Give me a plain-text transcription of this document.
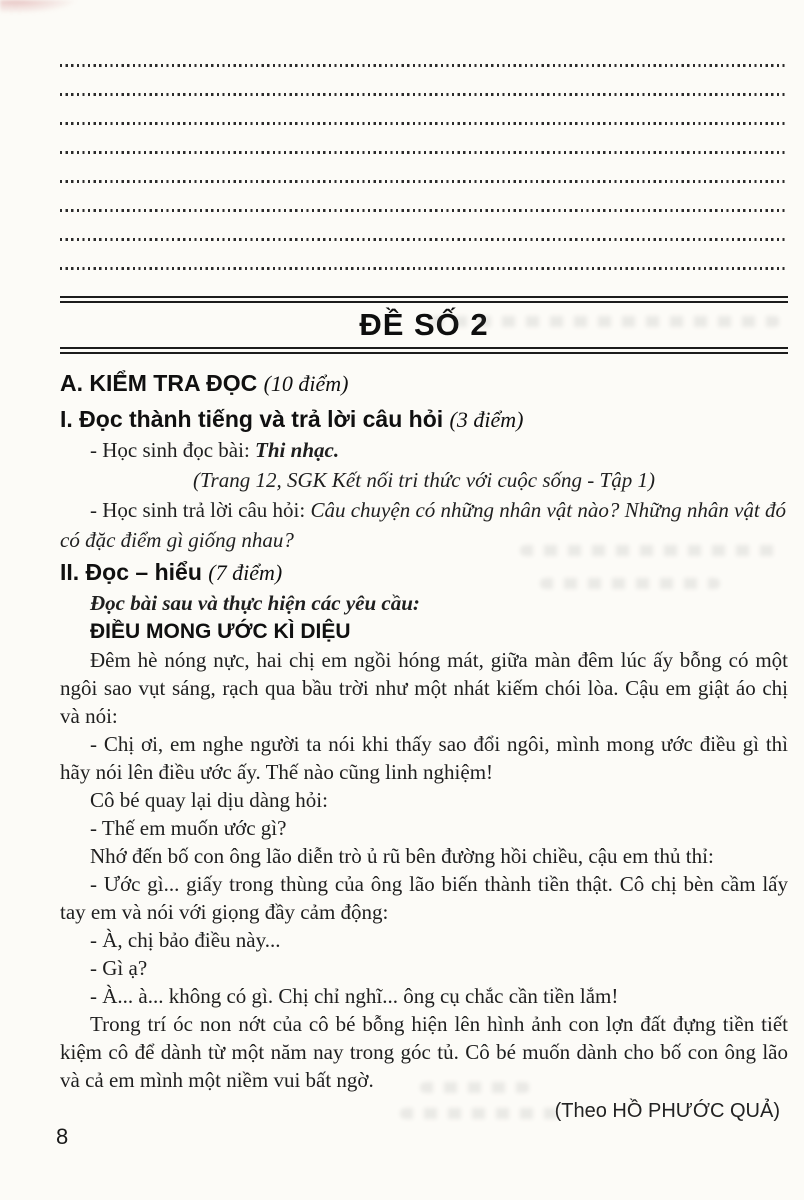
ĐỀ SỐ 2

A. KIỂM TRA ĐỌC (10 điểm)

I. Đọc thành tiếng và trả lời câu hỏi (3 điểm)

- Học sinh đọc bài: Thi nhạc.

(Trang 12, SGK Kết nối tri thức với cuộc sống - Tập 1)

- Học sinh trả lời câu hỏi: Câu chuyện có những nhân vật nào? Những nhân vật đó có đặc điểm gì giống nhau?

II. Đọc – hiểu (7 điểm)

Đọc bài sau và thực hiện các yêu cầu:

ĐIỀU MONG ƯỚC KÌ DIỆU

Đêm hè nóng nực, hai chị em ngồi hóng mát, giữa màn đêm lúc ấy bỗng có một ngôi sao vụt sáng, rạch qua bầu trời như một nhát kiếm chói lòa. Cậu em giật áo chị và nói:

- Chị ơi, em nghe người ta nói khi thấy sao đổi ngôi, mình mong ước điều gì thì hãy nói lên điều ước ấy. Thế nào cũng linh nghiệm!

Cô bé quay lại dịu dàng hỏi:

- Thế em muốn ước gì?

Nhớ đến bố con ông lão diễn trò ủ rũ bên đường hồi chiều, cậu em thủ thỉ:

- Ước gì... giấy trong thùng của ông lão biến thành tiền thật. Cô chị bèn cầm lấy tay em và nói với giọng đầy cảm động:

- À, chị bảo điều này...

- Gì ạ?

- À... à... không có gì. Chị chỉ nghĩ... ông cụ chắc cần tiền lắm!

Trong trí óc non nớt của cô bé bỗng hiện lên hình ảnh con lợn đất đựng tiền tiết kiệm cô để dành từ một năm nay trong góc tủ. Cô bé muốn dành cho bố con ông lão và cả em mình một niềm vui bất ngờ.

(Theo HỒ PHƯỚC QUẢ)
8
